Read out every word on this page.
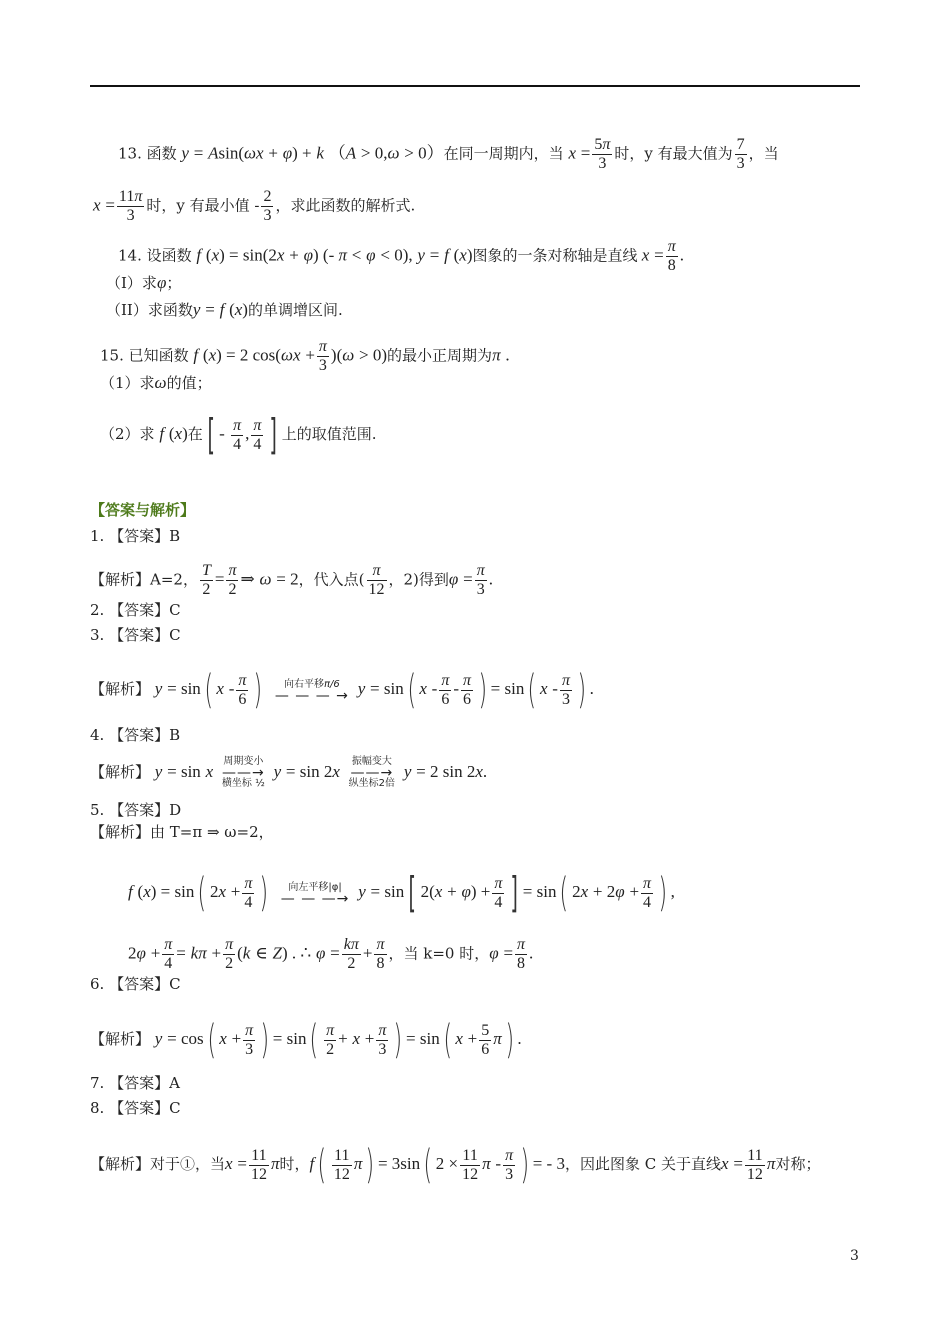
13. 函数 y = Asin(ωx + φ) + k （A > 0,ω > 0）在同一周期内，当 $x = \frac{5\pi}{3}$ 时，y 有最大值为 $\frac{7}{3}$ ，当
$x = \frac{11\pi}{3}$ 时，y 有最小值 - $\frac{2}{3}$ ，求此函数的解析式.
14. 设函数 f (x) = sin(2x + φ) (- π < φ < 0), y = f (x)图象的一条对称轴是直线 $x = \frac{\pi}{8}$ .
（I）求φ；
（II）求函数y = f (x)的单调增区间.
15. 已知函数 f (x) = 2 $\cos(\omega x + \frac{\pi}{3} )(\omega > 0)$的最小正周期为π .
（1）求ω的值；
（2）求 f (x)在 [ - $\frac{\pi}{4}$ , $\frac{\pi}{4}$ ] 上的取值范围.
【答案与解析】
1. 【答案】B
【解析】A=2， $\frac{T}{2} = \frac{\pi}{2}$ ⇒ ω = 2，代入点( $\frac{\pi}{12}$ ，2)得到$\varphi = \frac{\pi}{3}$ .
2. 【答案】C
3. 【答案】C
【解析】 y = sin( x - $\frac{\pi}{6}$ )	向右平移π/6
— — — → y = sin( x - $\frac{\pi}{6} - \frac{\pi}{6}$ ) = sin( x - $\frac{\pi}{3}$ ) .
4. 【答案】B
【解析】 y = sin x
周期变小
——→
横坐标 ½
y = sin 2x
振幅变大
——→
纵坐标2倍
y = 2 sin 2x.
5. 【答案】D
【解析】由 T=π ⇒ ω=2，
f (x) = sin( $2x + \frac{\pi}{4}$ )	向左平移|φ|
— — —→ y = sin [ $2(x + \varphi) + \frac{\pi}{4}$ ] = sin( $2x + 2\varphi + \frac{\pi}{4}$ ) ,
$2\varphi + \frac{\pi}{4} = k\pi + \frac{\pi}{2} (k$ ∈ Z) . ∴ $\varphi = \frac{k\pi}{2} + \frac{\pi}{8}$ ，当 k=0 时，$\varphi = \frac{\pi}{8}$ .
6. 【答案】C
【解析】 y = cos( $x + \frac{\pi}{3}$ ) = $\sin( \frac{\pi}{2} + x + \frac{\pi}{3}$ ) = sin( $x + \frac{5}{6} \pi$) .
7. 【答案】A
8. 【答案】C
【解析】对于①，当$x = \frac{11}{12}$ π时，$f( \frac{11}{12} \pi) = 3\sin$( $2 \times \frac{11}{12}$ π - $\frac{\pi}{3}$ ) = - 3，因此图象 C 关于直线$x = \frac{11}{12}$ π对称；
3
